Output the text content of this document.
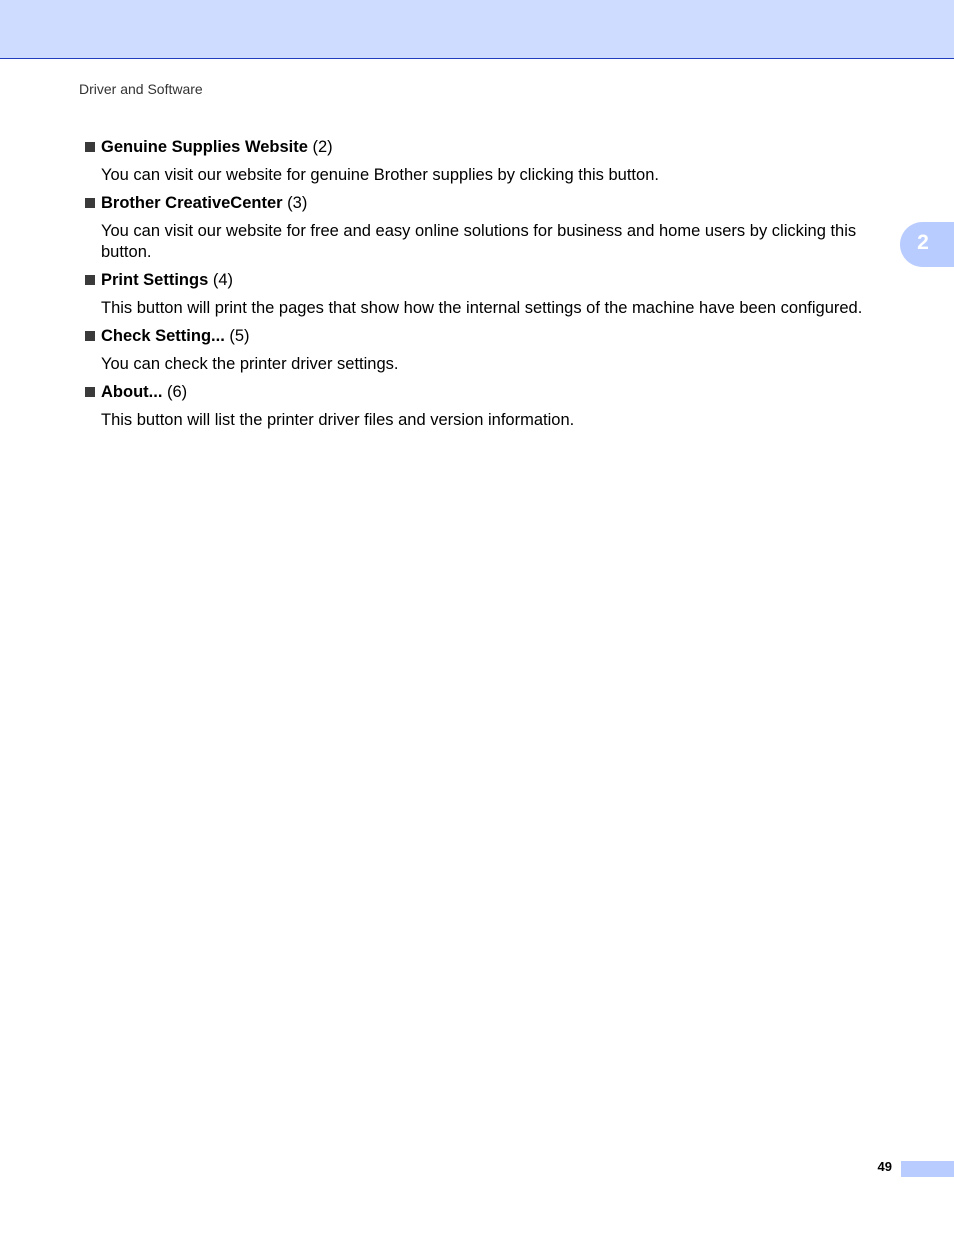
Driver and Software
2
Genuine Supplies Website (2)
You can visit our website for genuine Brother supplies by clicking this button.
Brother CreativeCenter (3)
You can visit our website for free and easy online solutions for business and home users by clicking this button.
Print Settings (4)
This button will print the pages that show how the internal settings of the machine have been configured.
Check Setting... (5)
You can check the printer driver settings.
About... (6)
This button will list the printer driver files and version information.
49
